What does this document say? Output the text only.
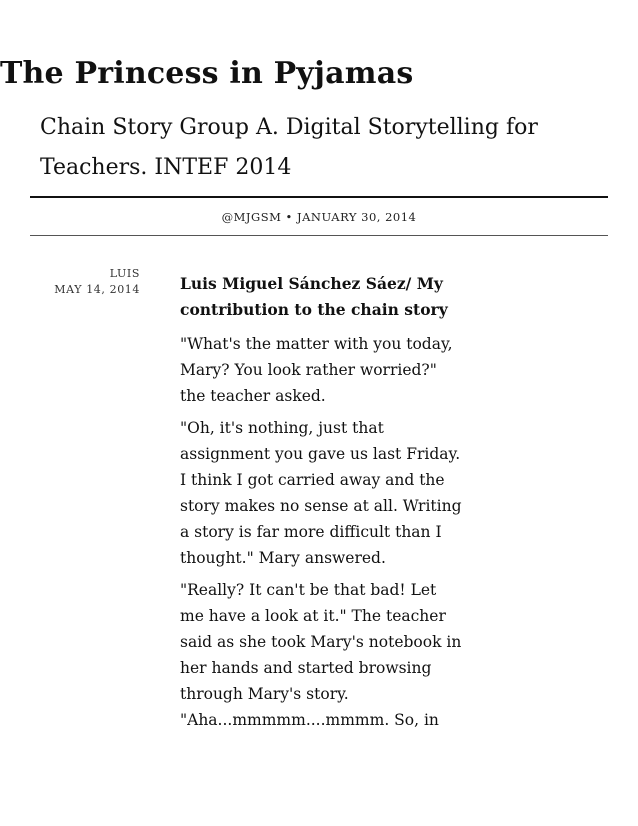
The Princess in Pyjamas

Chain Story Group A. Digital Storytelling for Teachers. INTEF 2014

@MJGSM • JANUARY 30, 2014
LUIS
MAY 14, 2014	Luis Miguel Sánchez Sáez/ My contribution to the chain story

"What's the matter with you today, Mary? You look rather worried?" the teacher asked.

"Oh, it's nothing, just that assignment you gave us last Friday. I think I got carried away and the story makes no sense at all. Writing a story is far more difficult than I thought." Mary answered.

"Really? It can't be that bad! Let me have a look at it." The teacher said as she took Mary's notebook in her hands and started browsing through Mary's story. "Aha...mmmmm....mmmm. So, in
